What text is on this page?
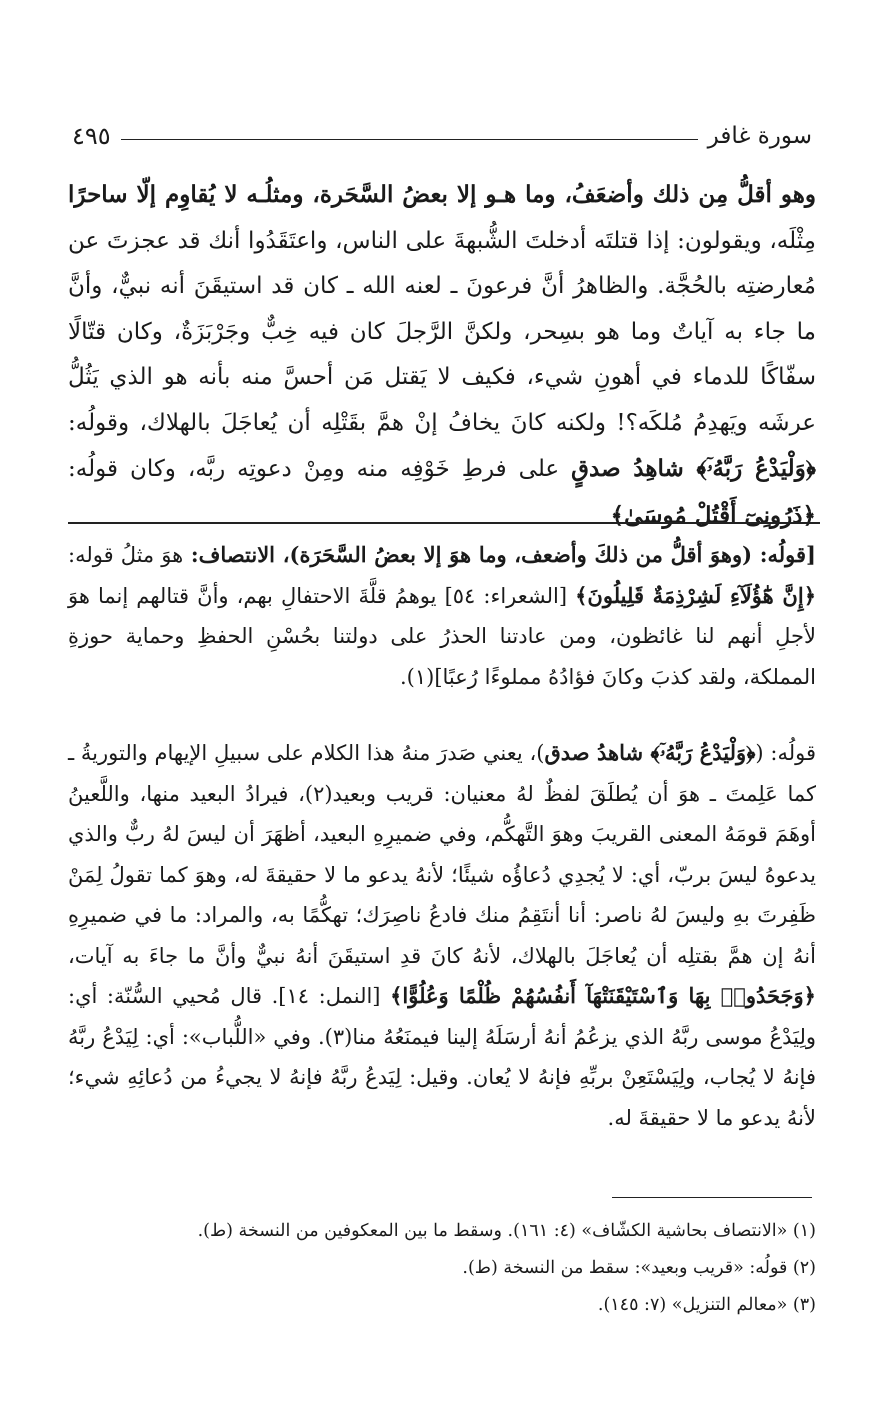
سورة غافر
٤٩٥
وهو أقلُّ مِن ذلك وأضعَفُ، وما هـو إلا بعضُ السَّحَرة، ومثلُـه لا يُقاوِم إلّا ساحرًا مِثْلَه، ويقولون: إذا قتلتَه أدخلتَ الشُّبهةَ على الناس، واعتَقَدُوا أنك قد عجزتَ عن مُعارضتِه بالحُجَّة. والظاهرُ أنَّ فرعونَ ـ لعنه الله ـ كان قد استيقَنَ أنه نبيٌّ، وأنَّ ما جاء به آياتٌ وما هو بسِحر، ولكنَّ الرَّجلَ كان فيه خِبٌّ وجَرْبَزَةٌ، وكان قتّالًا سفّاكًا للدماء في أهونِ شيء، فكيف لا يَقتل مَن أحسَّ منه بأنه هو الذي يَثُلُّ عرشَه ويَهدِمُ مُلكَه؟! ولكنه كانَ يخافُ إنْ همَّ بقَتْلِه أن يُعاجَلَ بالهلاك، وقولُه: ﴿وَلْيَدْعُ رَبَّهُۥٓ﴾ شاهِدُ صدقٍ على فرطِ خَوْفِه منه ومِنْ دعوتِه ربَّه، وكان قولُه: ﴿ذَرُونِىٓ أَقْتُلْ مُوسَىٰ﴾
[قولُه: (وهوَ أقلُّ من ذلكَ وأضعف، وما هوَ إلا بعضُ السَّحَرَة)، الانتصاف: هوَ مثلُ قوله: ﴿إِنَّ هَٰٓؤُلَآءِ لَشِرْذِمَةٌ قَلِيلُونَ﴾ [الشعراء: ٥٤] يوهمُ قلَّةَ الاحتفالِ بهم، وأنَّ قتالهم إنما هوَ لأجلِ أنهم لنا غائظون، ومن عادتنا الحذرُ على دولتنا بحُسْنِ الحفظِ وحماية حوزةِ المملكة، ولقد كذبَ وكانَ فؤادُهُ مملوءًا رُعبًا](١).
قولُه: (﴿وَلْيَدْعُ رَبَّهُۥٓ﴾ شاهدُ صدق)، يعني صَدرَ منهُ هذا الكلام على سبيلِ الإيهام والتوريةُ ـ كما عَلِمتَ ـ هوَ أن يُطلَقَ لفظٌ لهُ معنيان: قريب وبعيد(٢)، فيرادُ البعيد منها، واللَّعينُ أوهَمَ قومَهُ المعنى القريبَ وهوَ التَّهكُّم، وفي ضميرِهِ البعيد، أظهَرَ أن ليسَ لهُ ربٌّ والذي يدعوهُ ليسَ بربّ، أي: لا يُجدِي دُعاؤُه شيئًا؛ لأنهُ يدعو ما لا حقيقةَ له، وهوَ كما تقولُ لِمَنْ ظَفِرتَ بهِ وليسَ لهُ ناصر: أنا أنتَقِمُ منك فادعُ ناصِرَك؛ تهكُّمًا به، والمراد: ما في ضميرِهِ أنهُ إن همَّ بقتلِه أن يُعاجَلَ بالهلاك، لأنهُ كانَ قدِ استيقَنَ أنهُ نبيٌّ وأنَّ ما جاءَ به آيات، ﴿وَجَحَدُوا۟ بِهَا وَٱسْتَيْقَنَتْهَآ أَنفُسُهُمْ ظُلْمًا وَعُلُوًّا﴾ [النمل: ١٤]. قال مُحيي السُّنّة: أي: ولِيَدْعُ موسى ربَّهُ الذي يزعُمُ أنهُ أرسَلَهُ إلينا فيمنَعُهُ منا(٣). وفي «اللُّباب»: أي: لِيَدْعُ ربَّهُ فإنهُ لا يُجاب، ولِيَسْتَعِنْ بربِّهِ فإنهُ لا يُعان. وقيل: لِيَدعُ ربَّهُ فإنهُ لا يجيءُ من دُعائِهِ شيء؛ لأنهُ يدعو ما لا حقيقةَ له.
(١) «الانتصاف بحاشية الكشّاف» (٤: ١٦١). وسقط ما بين المعكوفين من النسخة (ط).
(٢) قولُه: «قريب وبعيد»: سقط من النسخة (ط).
(٣) «معالم التنزيل» (٧: ١٤٥).
